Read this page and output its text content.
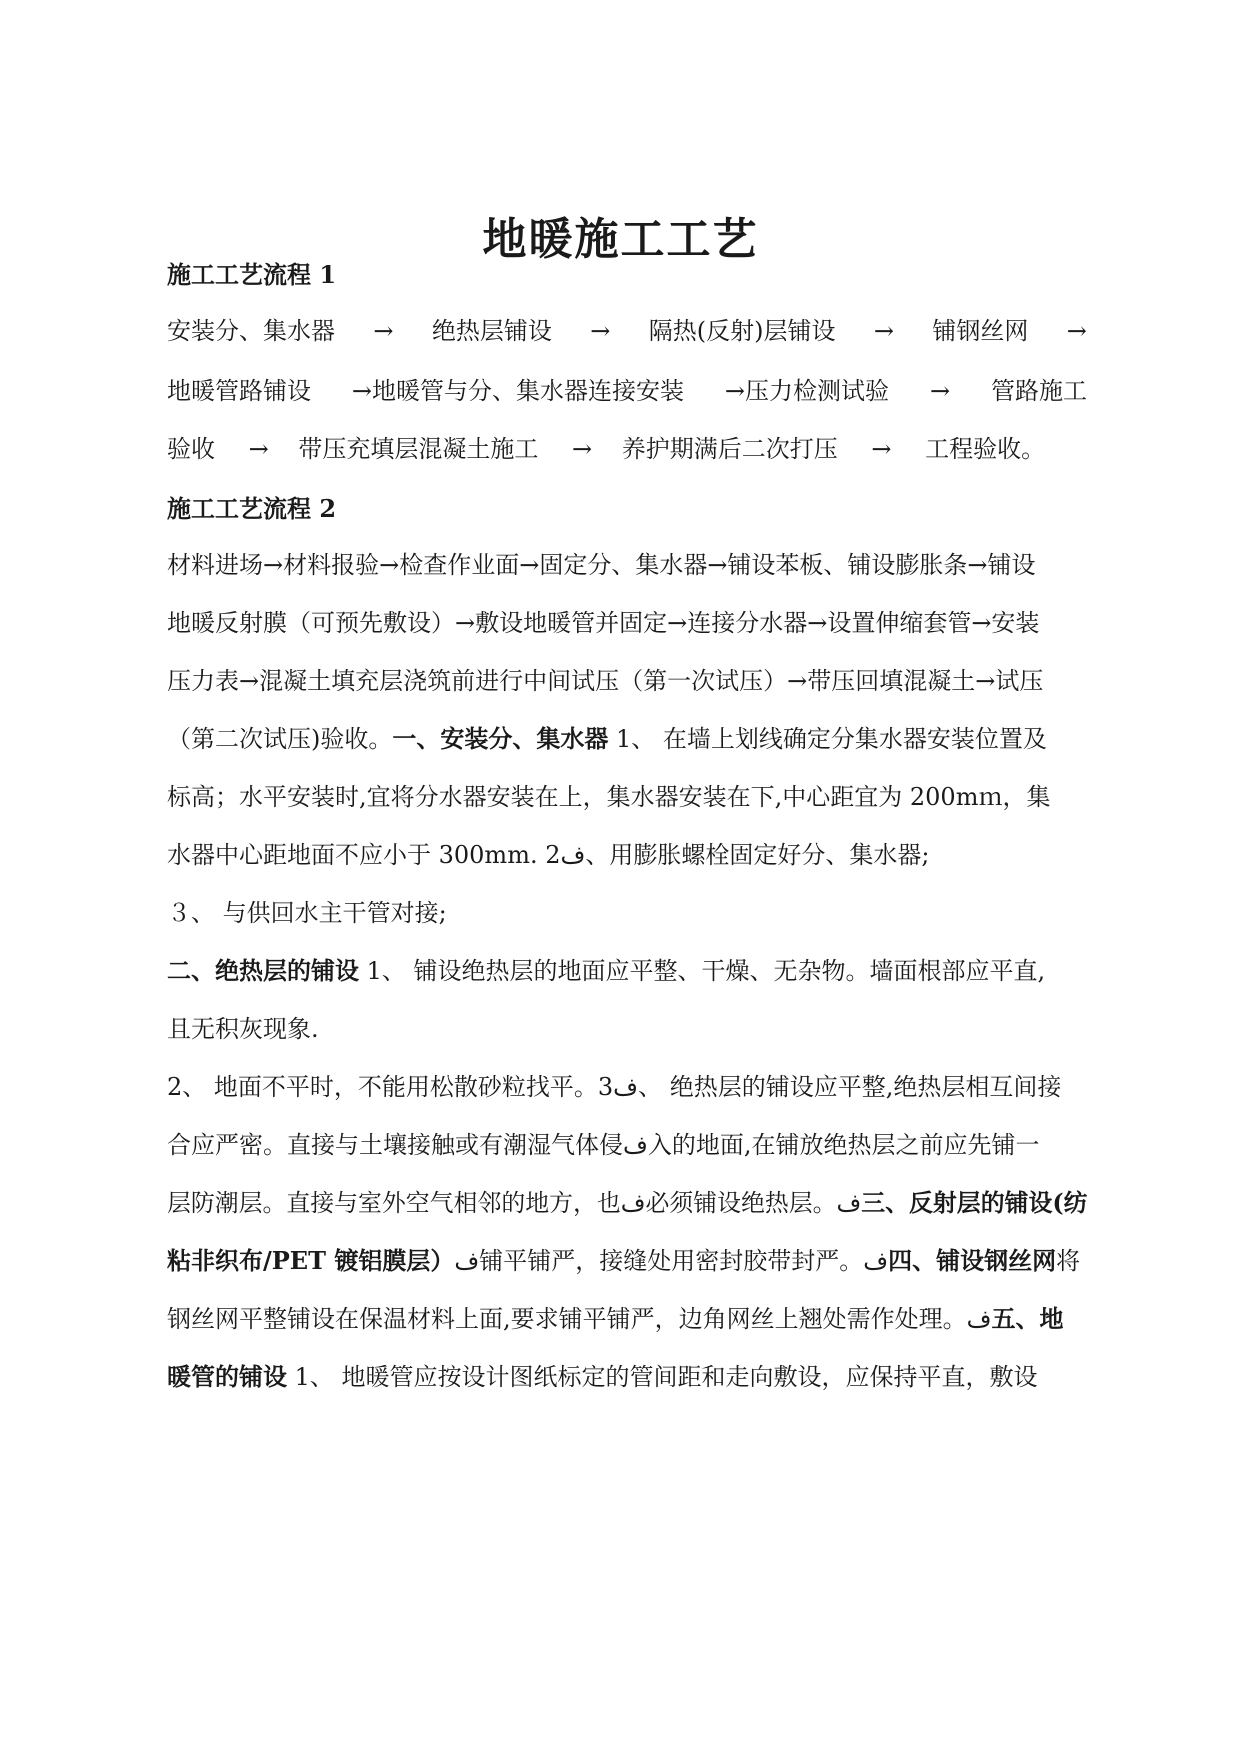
地暖施工工艺
施工工艺流程 1
安装分、集水器 → 绝热层铺设 → 隔热(反射)层铺设 → 铺钢丝网 →
地暖管路铺设 →地暖管与分、集水器连接安装 →压力检测试验 → 管路施工
验收 → 带压充填层混凝土施工 → 养护期满后二次打压 → 工程验收。
施工工艺流程 2
材料进场→材料报验→检查作业面→固定分、集水器→铺设苯板、铺设膨胀条→铺设
地暖反射膜（可预先敷设）→敷设地暖管并固定→连接分水器→设置伸缩套管→安装
压力表→混凝土填充层浇筑前进行中间试压（第一次试压）→带压回填混凝土→试压
（第二次试压)验收。一、安装分、集水器 1、 在墙上划线确定分集水器安装位置及
标高；水平安装时,宜将分水器安装在上，集水器安装在下,中心距宜为 200mｍ，集
水器中心距地面不应小于 300mm. 2ف、用膨胀螺栓固定好分、集水器;
３、 与供回水主干管对接;
二、绝热层的铺设 1、 铺设绝热层的地面应平整、干燥、无杂物。墙面根部应平直,
且无积灰现象.
2、 地面不平时，不能用松散砂粒找平。3ف、 绝热层的铺设应平整,绝热层相互间接
合应严密。直接与土壤接触或有潮湿气体侵ف入的地面,在铺放绝热层之前应先铺一
层防潮层。直接与室外空气相邻的地方，也ف必须铺设绝热层。ف三、反射层的铺设(纺
粘非织布/PET 镀铝膜层）ف铺平铺严，接缝处用密封胶带封严。ف四、铺设钢丝网将
钢丝网平整铺设在保温材料上面,要求铺平铺严，边角网丝上翘处需作处理。ف五、地
暖管的铺设 1、 地暖管应按设计图纸标定的管间距和走向敷设，应保持平直，敷设
